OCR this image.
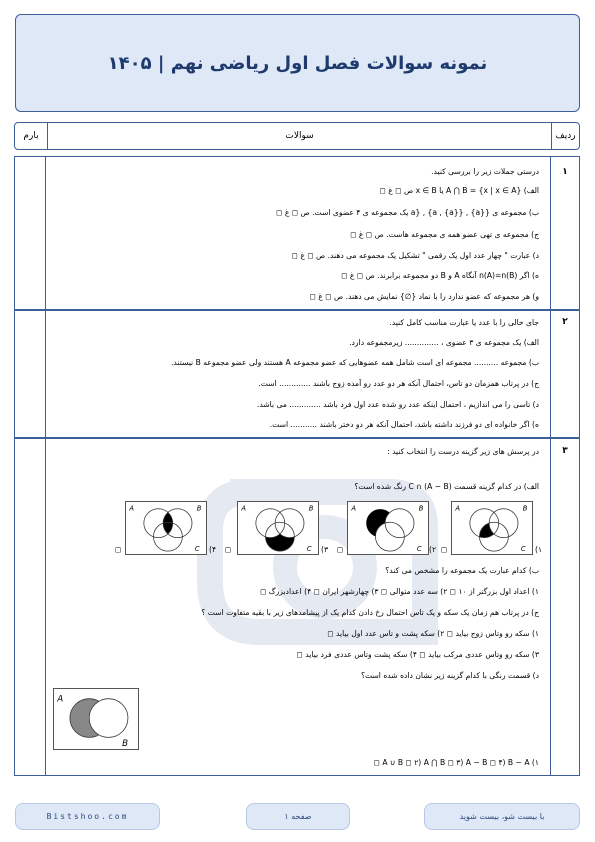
نمونه سوالات فصل اول ریاضی نهم | ۱۴۰۵
ردیف
سوالات
بارم
۱
درستی جملات زیر را بررسی کنید.
الف) {A ⋂ B = {x | x ∈ A یا x ∈ B ص ◻ غ ◻
ب) مجموعه ی {{a} , {a , {a}} , {a یک مجموعه ی ۴ عضوی است. ص ◻ غ ◻
ج) مجموعه ی تهی عضو همه ی مجموعه هاست. ص ◻ غ ◻
د) عبارت " چهار عدد اول یک رقمی " تشکیل یک مجموعه می دهند. ص ◻ غ ◻
ه) اگر n(A)=n(B) آنگاه A و B دو مجموعه برابرند. ص ◻ غ ◻
و) هر مجموعه که عضو ندارد را با نماد {∅} نمایش می دهند. ص ◻ غ ◻
۲
جای خالی را با عدد یا عبارت مناسب کامل کنید.
الف) یک مجموعه ی ۳ عضوی ، .............. زیرمجموعه دارد.
ب) مجموعه .......... مجموعه ای است شامل همه عضوهایی که عضو مجموعه A هستند ولی عضو مجموعه B نیستند.
ج) در پرتاب همزمان دو تاس، احتمال آنکه هر دو عدد رو آمده زوج باشند ............. است.
د) تاسی را می اندازیم ، احتمال اینکه عدد رو شده عدد اول فرد باشد ............. می باشد.
ه) اگر خانواده ای دو فرزند داشته باشد، احتمال آنکه هر دو دختر باشند ........... است.
۳
در پرسش های زیر گزینه درست را انتخاب کنید :
الف) در کدام گزینه قسمت C ∩ (A − B) رنگ شده است؟
A	B
C ۱)
◻
A	B
C ۲)
◻
A	B
C ۳)
◻
A	B
C ۴)
◻
ب) کدام عبارت یک مجموعه را مشخص می کند؟
۱) اعداد اول بزرگتر از ۱۰ ◻ ۲) سه عدد متوالی ◻ ۳) چهارشهر ایران ◻ ۴) اعدادبزرگ ◻
ج) در پرتاب هم زمان یک سکه و یک تاس احتمال رخ دادن کدام یک از پیشامدهای زیر با بقیه متفاوت است ؟
۱) سکه رو وتاس زوج بیاید ◻ ۲) سکه پشت و تاس عدد اول بیاید ◻
۳) سکه رو وتاس عددی مرکب بیاید ◻ ۴) سکه پشت وتاس عددی فرد بیاید ◻
د) قسمت رنگی با کدام گزینه زیر نشان داده شده است؟
A
B
۱) A ∪ B ◻ ۲) A ⋂ B ◻ ۳) A − B ◻ ۴) B − A ◻
Bistshoo.com	صفحه ۱	با بیست شو، بیست شوید
